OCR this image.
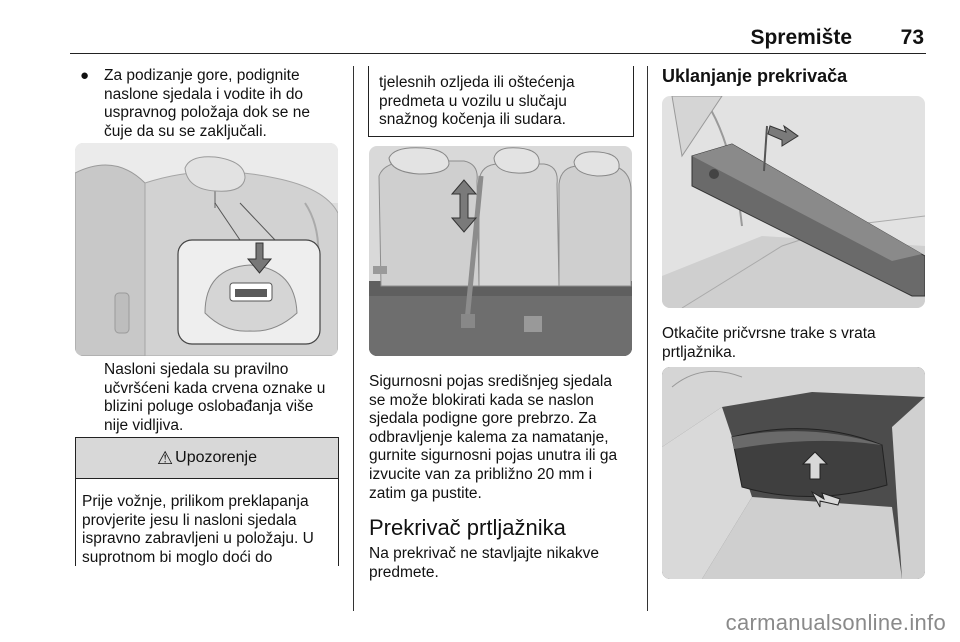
Spremište 73
● Za podizanje gore, podignite
naslone sjedala i vodite ih do
uspravnog položaja dok se ne
čuje da su se zaključali.
Nasloni sjedala su pravilno
učvršćeni kada crvena oznake u
blizini poluge oslobađanja više
nije vidljiva.
⚠ Upozorenje
Prije vožnje, prilikom preklapanja
provjerite jesu li nasloni sjedala
ispravno zabravljeni u položaju. U
suprotnom bi moglo doći do
tjelesnih ozljeda ili oštećenja
predmeta u vozilu u slučaju
snažnog kočenja ili sudara.
Sigurnosni pojas središnjeg sjedala
se može blokirati kada se naslon
sjedala podigne gore prebrzo. Za
odbravljenje kalema za namatanje,
gurnite sigurnosni pojas unutra ili ga
izvucite van za približno 20 mm i
zatim ga pustite.
Prekrivač prtljažnika
Na prekrivač ne stavljajte nikakve
predmete.
Uklanjanje prekrivača
Otkačite pričvrsne trake s vrata
prtljažnika.
carmanualsonline.info
